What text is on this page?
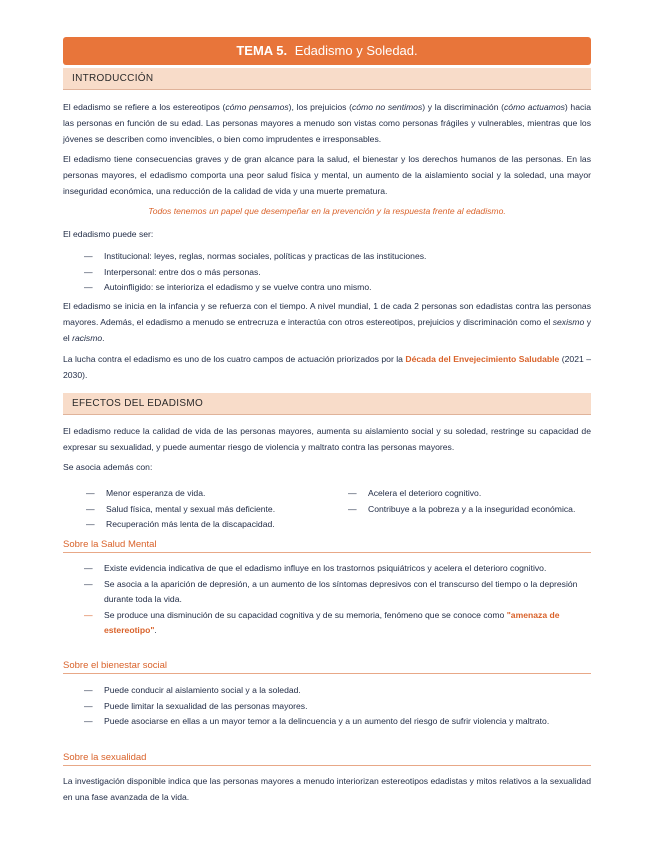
TEMA 5. Edadismo y Soledad.
INTRODUCCIÓN

El edadismo se refiere a los estereotipos (cómo pensamos), los prejuicios (cómo no sentimos) y la discriminación (cómo actuamos) hacia las personas en función de su edad. Las personas mayores a menudo son vistas como personas frágiles y vulnerables, mientras que los jóvenes se describen como invencibles, o bien como imprudentes e irresponsables.

El edadismo tiene consecuencias graves y de gran alcance para la salud, el bienestar y los derechos humanos de las personas. En las personas mayores, el edadismo comporta una peor salud física y mental, un aumento de la aislamiento social y la soledad, una mayor inseguridad económica, una reducción de la calidad de vida y una muerte prematura.

Todos tenemos un papel que desempeñar en la prevención y la respuesta frente al edadismo.

El edadismo puede ser:

— Institucional: leyes, reglas, normas sociales, políticas y practicas de las instituciones.
— Interpersonal: entre dos o más personas.
— Autoinfligido: se interioriza el edadismo y se vuelve contra uno mismo.

El edadismo se inicia en la infancia y se refuerza con el tiempo. A nivel mundial, 1 de cada 2 personas son edadistas contra las personas mayores. Además, el edadismo a menudo se entrecruza e interactúa con otros estereotipos, prejuicios y discriminación como el sexismo y el racismo.

La lucha contra el edadismo es uno de los cuatro campos de actuación priorizados por la Década del Envejecimiento Saludable (2021 – 2030).

EFECTOS DEL EDADISMO

El edadismo reduce la calidad de vida de las personas mayores, aumenta su aislamiento social y su soledad, restringe su capacidad de expresar su sexualidad, y puede aumentar riesgo de violencia y maltrato contra las personas mayores.

Se asocia además con:

— Menor esperanza de vida.
— Salud física, mental y sexual más deficiente.
— Recuperación más lenta de la discapacidad.
— Acelera el deterioro cognitivo.
— Contribuye a la pobreza y a la inseguridad económica.
Sobre la Salud Mental
— Existe evidencia indicativa de que el edadismo influye en los trastornos psiquiátricos y acelera el deterioro cognitivo.
— Se asocia a la aparición de depresión, a un aumento de los síntomas depresivos con el transcurso del tiempo o la depresión durante toda la vida.
— Se produce una disminución de su capacidad cognitiva y de su memoria, fenómeno que se conoce como "amenaza de estereotipo".
Sobre el bienestar social
— Puede conducir al aislamiento social y a la soledad.
— Puede limitar la sexualidad de las personas mayores.
— Puede asociarse en ellas a un mayor temor a la delincuencia y a un aumento del riesgo de sufrir violencia y maltrato.
Sobre la sexualidad

La investigación disponible indica que las personas mayores a menudo interiorizan estereotipos edadistas y mitos relativos a la sexualidad en una fase avanzada de la vida.
